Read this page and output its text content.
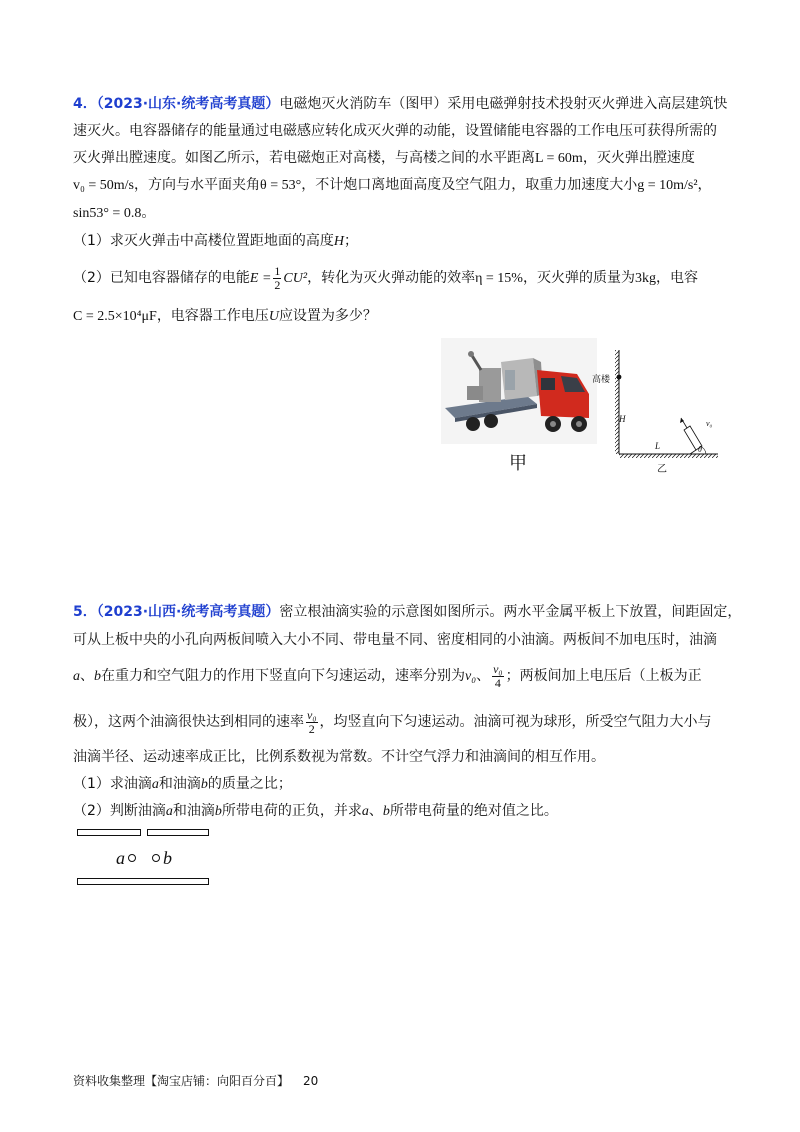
4．（2023·山东·统考高考真题）电磁炮灭火消防车（图甲）采用电磁弹射技术投射灭火弹进入高层建筑快
速灭火。电容器储存的能量通过电磁感应转化成灭火弹的动能，设置储能电容器的工作电压可获得所需的
灭火弹出膛速度。如图乙所示，若电磁炮正对高楼，与高楼之间的水平距离L = 60m，灭火弹出膛速度
v₀ = 50m/s，方向与水平面夹角θ = 53°，不计炮口离地面高度及空气阻力，取重力加速度大小g = 10m/s²，
sin53° = 0.8。
（1）求灭火弹击中高楼位置距地面的高度H；
（2）已知电容器储存的电能$E = \frac{1}{2} CU^2$，转化为灭火弹动能的效率η = 15%，灭火弹的质量为3kg，电容
C = 2.5×10⁴μF，电容器工作电压U应设置为多少？
甲
高楼
H
L
v₀
θ
乙
5．（2023·山西·统考高考真题）密立根油滴实验的示意图如图所示。两水平金属平板上下放置，间距固定，
可从上板中央的小孔向两板间喷入大小不同、带电量不同、密度相同的小油滴。两板间不加电压时，油滴
a、b在重力和空气阻力的作用下竖直向下匀速运动，速率分别为v₀、 $\frac{\text{v₀}}{4}$ ；两板间加上电压后（上板为正
极），这两个油滴很快达到相同的速率 $\frac{\text{v₀}}{2}$ ，均竖直向下匀速运动。油滴可视为球形，所受空气阻力大小与
油滴半径、运动速率成正比，比例系数视为常数。不计空气浮力和油滴间的相互作用。
（1）求油滴a和油滴b的质量之比；
（2）判断油滴a和油滴b所带电荷的正负，并求a、b所带电荷量的绝对值之比。
a b
资料收集整理【淘宝店铺：向阳百分百】 20
